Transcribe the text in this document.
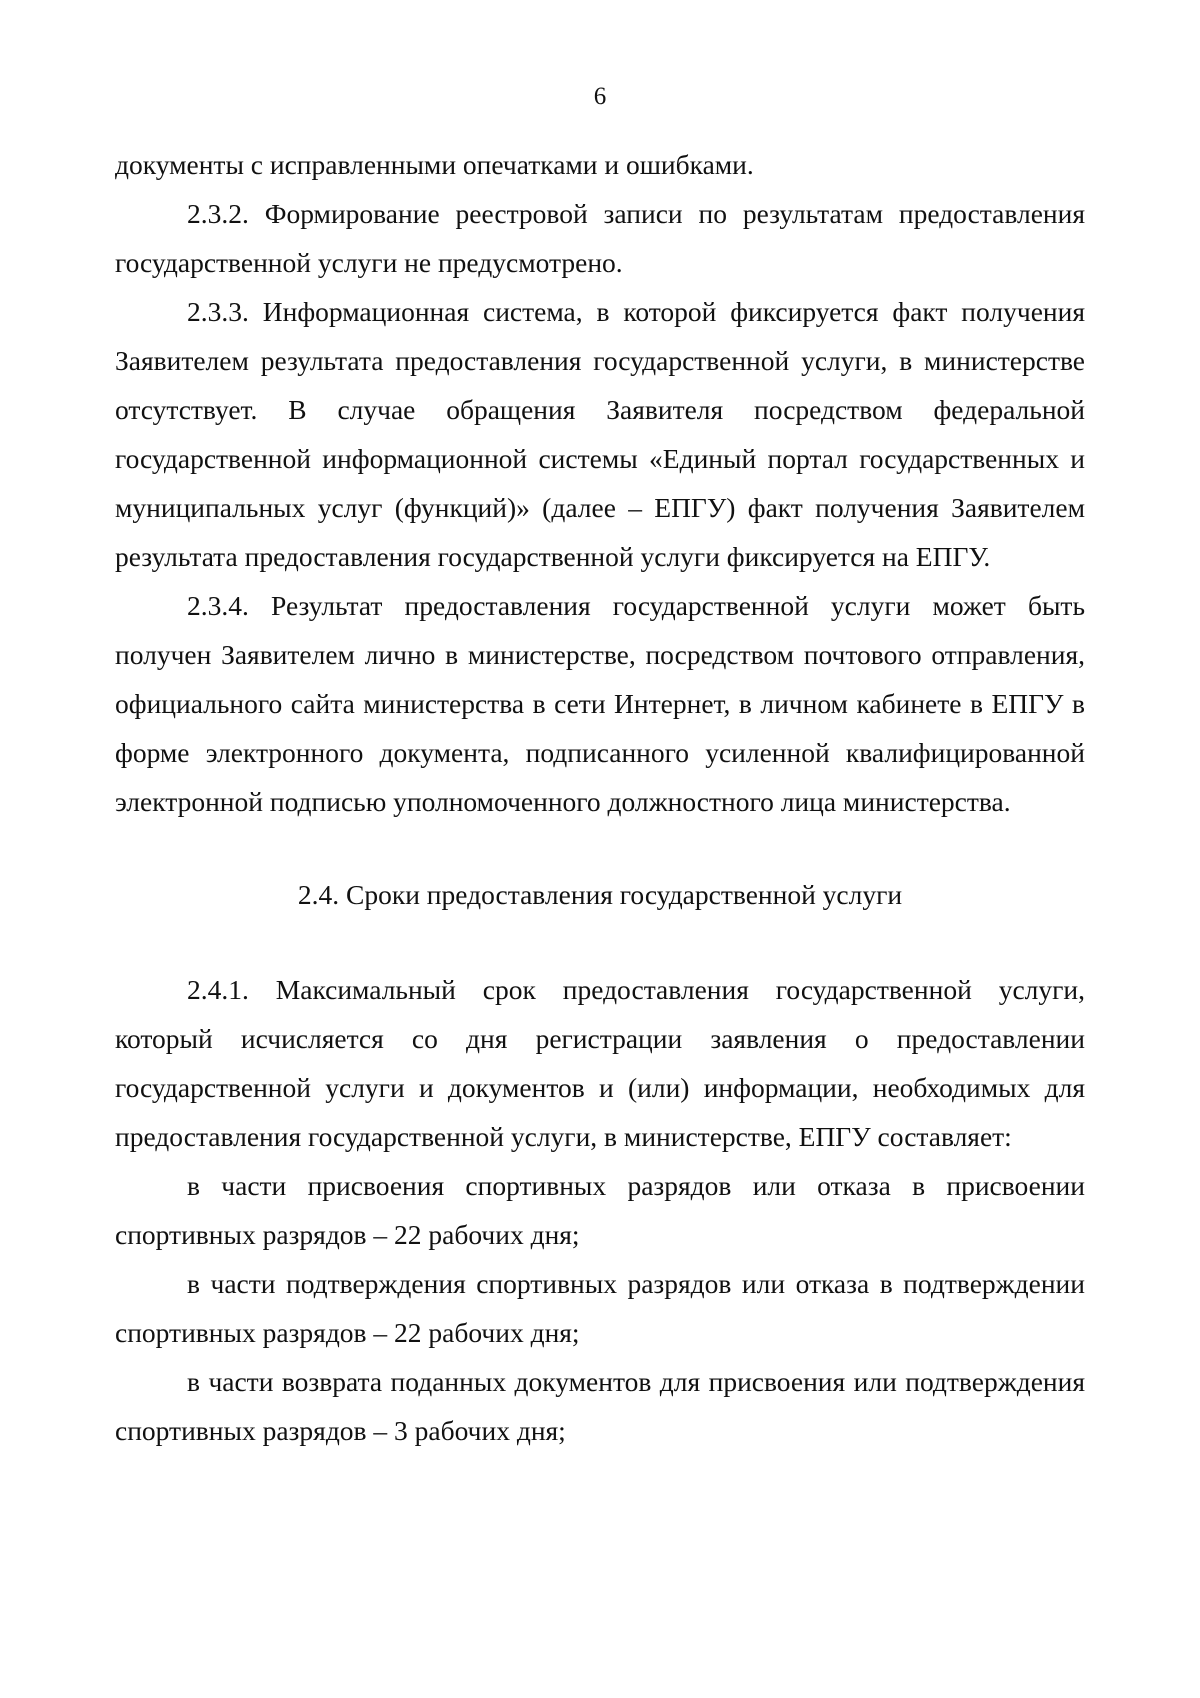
6

документы с исправленными опечатками и ошибками.

2.3.2. Формирование реестровой записи по результатам предоставления государственной услуги не предусмотрено.

2.3.3. Информационная система, в которой фиксируется факт получения Заявителем результата предоставления государственной услуги, в министерстве отсутствует. В случае обращения Заявителя посредством федеральной государственной информационной системы «Единый портал государственных и муниципальных услуг (функций)» (далее – ЕПГУ) факт получения Заявителем результата предоставления государственной услуги фиксируется на ЕПГУ.

2.3.4. Результат предоставления государственной услуги может быть получен Заявителем лично в министерстве, посредством почтового отправления, официального сайта министерства в сети Интернет, в личном кабинете в ЕПГУ в форме электронного документа, подписанного усиленной квалифицированной электронной подписью уполномоченного должностного лица министерства.

2.4. Сроки предоставления государственной услуги

2.4.1. Максимальный срок предоставления государственной услуги, который исчисляется со дня регистрации заявления о предоставлении государственной услуги и документов и (или) информации, необходимых для предоставления государственной услуги, в министерстве, ЕПГУ составляет:

в части присвоения спортивных разрядов или отказа в присвоении спортивных разрядов – 22 рабочих дня;

в части подтверждения спортивных разрядов или отказа в подтверждении спортивных разрядов – 22 рабочих дня;

в части возврата поданных документов для присвоения или подтверждения спортивных разрядов – 3 рабочих дня;
